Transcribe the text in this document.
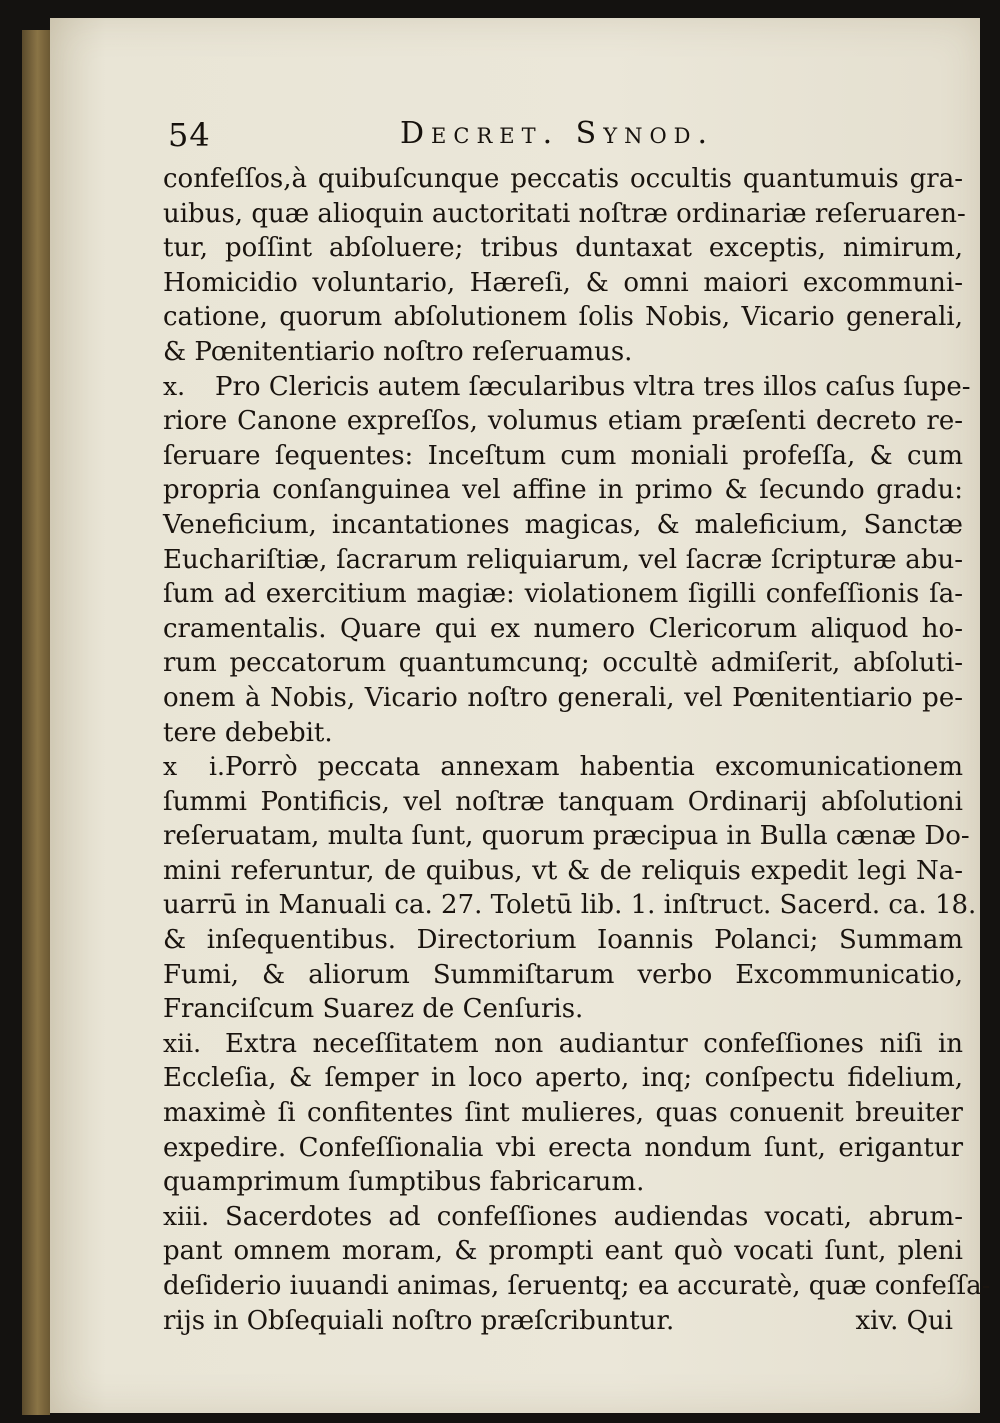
54	Decret. Synod.
confeſſos,à quibuſcunque peccatis occultis quantumuis gra-
uibus, quæ alioquin auctoritati noſtræ ordinariæ reſeruaren-
tur, poſſint abſoluere; tribus duntaxat exceptis, nimirum,
Homicidio voluntario, Hæreſi, & omni maiori excommuni-
catione, quorum abſolutionem ſolis Nobis, Vicario generali,
& Pœnitentiario noſtro reſeruamus.
x. Pro Clericis autem ſæcularibus vltra tres illos caſus ſupe-
riore Canone expreſſos, volumus etiam præſenti decreto re-
ſeruare ſequentes: Inceſtum cum moniali profeſſa, & cum
propria conſanguinea vel affine in primo & ſecundo gradu:
Veneficium, incantationes magicas, & maleficium, Sanctæ
Euchariſtiæ, ſacrarum reliquiarum, vel ſacræ ſcripturæ abu-
ſum ad exercitium magiæ: violationem ſigilli confeſſionis ſa-
cramentalis. Quare qui ex numero Clericorum aliquod ho-
rum peccatorum quantumcunq; occultè admiſerit, abſoluti-
onem à Nobis, Vicario noſtro generali, vel Pœnitentiario pe-
tere debebit.
x i.Porrò peccata annexam habentia excomunicationem
ſummi Pontificis, vel noſtræ tanquam Ordinarij abſolutioni
reſeruatam, multa ſunt, quorum præcipua in Bulla cænæ Do-
mini referuntur, de quibus, vt & de reliquis expedit legi Na-
uarrū in Manuali ca. 27. Toletū lib. 1. inſtruct. Sacerd. ca. 18.
& inſequentibus. Directorium Ioannis Polanci; Summam
Fumi, & aliorum Summiſtarum verbo Excommunicatio,
Franciſcum Suarez de Cenſuris.
xii. Extra neceſſitatem non audiantur confeſſiones niſi in
Eccleſia, & ſemper in loco aperto, inq; conſpectu fidelium,
maximè ſi confitentes ſint mulieres, quas conuenit breuiter
expedire. Confeſſionalia vbi erecta nondum ſunt, erigantur
quamprimum ſumptibus fabricarum.
xiii. Sacerdotes ad confeſſiones audiendas vocati, abrum-
pant omnem moram, & prompti eant quò vocati ſunt, pleni
deſiderio iuuandi animas, ſeruentq; ea accuratè, quæ confeſſa-
rijs in Obſequiali noſtro præſcribuntur.	xiv. Qui
